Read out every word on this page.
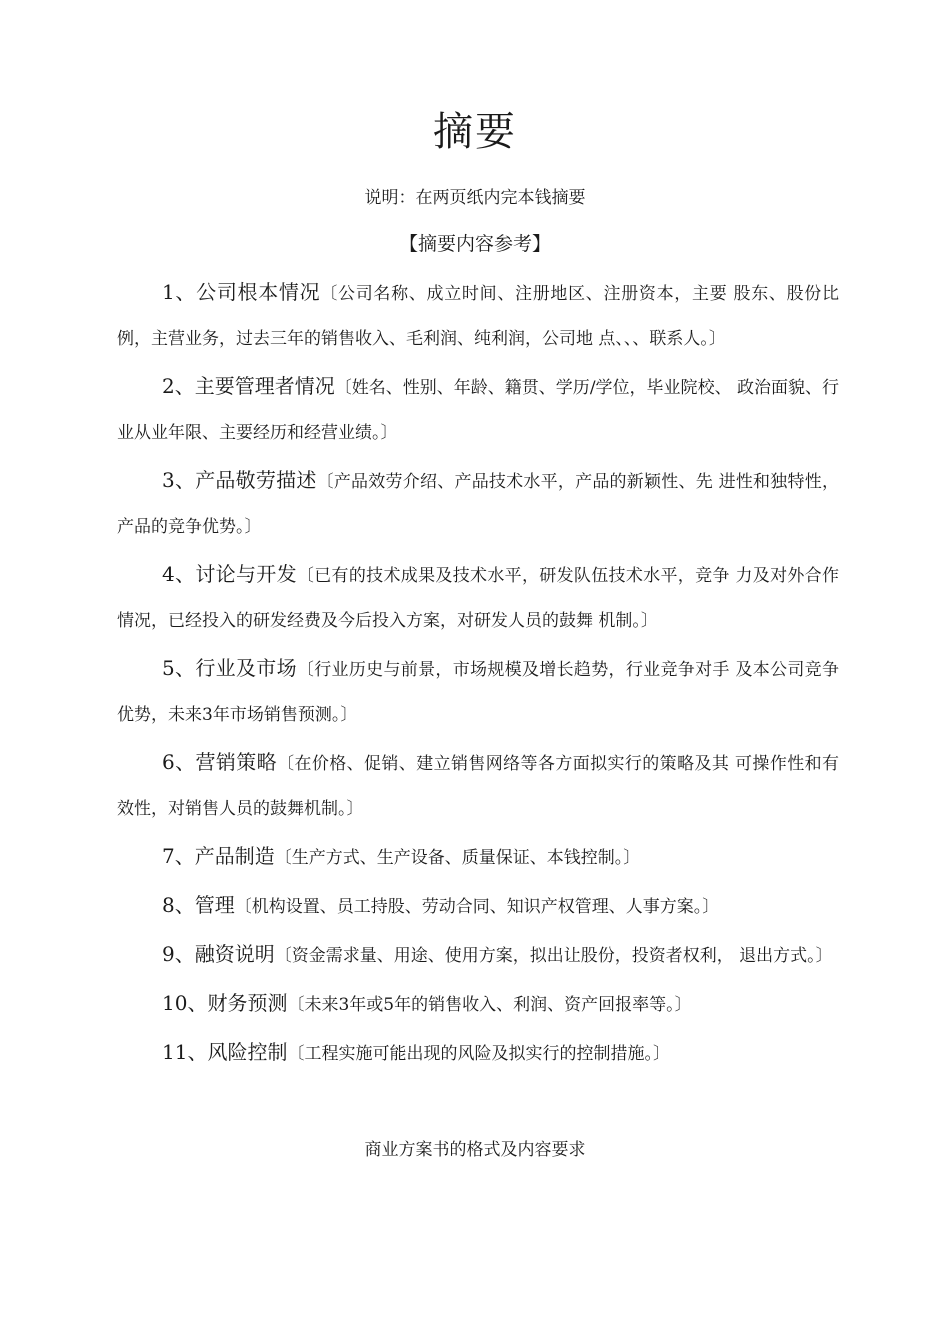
摘要
说明：在两页纸内完本钱摘要
【摘要内容参考】

1、公司根本情况〔公司名称、成立时间、注册地区、注册资本，主要 股东、股份比例，主营业务，过去三年的销售收入、毛利润、纯利润，公司地 点、、、联系人。〕

2、主要管理者情况〔姓名、性别、年龄、籍贯、学历/学位，毕业院校、 政治面貌、行业从业年限、主要经历和经营业绩。〕

3、产品敬劳描述〔产品效劳介绍、产品技术水平，产品的新颖性、先 进性和独特性，产品的竞争优势。〕

4、讨论与开发〔已有的技术成果及技术水平，研发队伍技术水平，竞争 力及对外合作情况，已经投入的研发经费及今后投入方案，对研发人员的鼓舞 机制。〕

5、行业及市场〔行业历史与前景，市场规模及增长趋势，行业竞争对手 及本公司竞争优势，未来3年市场销售预测。〕

6、营销策略〔在价格、促销、建立销售网络等各方面拟实行的策略及其 可操作性和有效性，对销售人员的鼓舞机制。〕

7、产品制造〔生产方式、生产设备、质量保证、本钱控制。〕

8、管理〔机构设置、员工持股、劳动合同、知识产权管理、人事方案。〕

9、融资说明〔资金需求量、用途、使用方案，拟出让股份，投资者权利， 退出方式。〕

10、财务预测〔未来3年或5年的销售收入、利润、资产回报率等。〕

11、风险控制〔工程实施可能出现的风险及拟实行的控制措施。〕

商业方案书的格式及内容要求
